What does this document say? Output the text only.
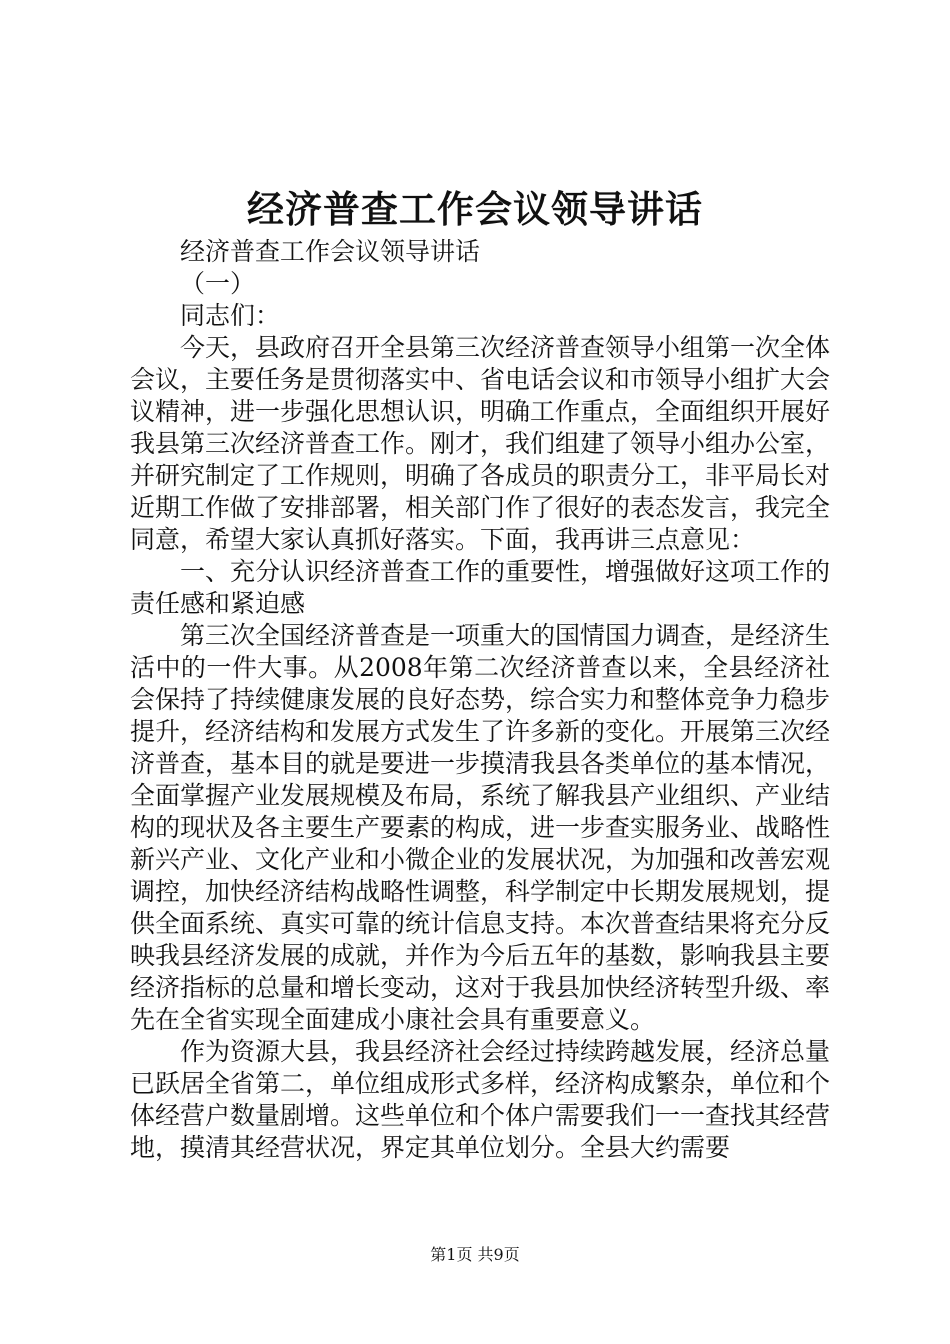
经济普查工作会议领导讲话

经济普查工作会议领导讲话

（一）

同志们：

今天，县政府召开全县第三次经济普查领导小组第一次全体会议，主要任务是贯彻落实中、省电话会议和市领导小组扩大会议精神，进一步强化思想认识，明确工作重点，全面组织开展好我县第三次经济普查工作。刚才，我们组建了领导小组办公室，并研究制定了工作规则，明确了各成员的职责分工，非平局长对近期工作做了安排部署，相关部门作了很好的表态发言，我完全同意，希望大家认真抓好落实。下面，我再讲三点意见：

一、充分认识经济普查工作的重要性，增强做好这项工作的责任感和紧迫感

第三次全国经济普查是一项重大的国情国力调查，是经济生活中的一件大事。从2008年第二次经济普查以来，全县经济社会保持了持续健康发展的良好态势，综合实力和整体竞争力稳步提升，经济结构和发展方式发生了许多新的变化。开展第三次经济普查，基本目的就是要进一步摸清我县各类单位的基本情况，全面掌握产业发展规模及布局，系统了解我县产业组织、产业结构的现状及各主要生产要素的构成，进一步查实服务业、战略性新兴产业、文化产业和小微企业的发展状况，为加强和改善宏观调控，加快经济结构战略性调整，科学制定中长期发展规划，提供全面系统、真实可靠的统计信息支持。本次普查结果将充分反映我县经济发展的成就，并作为今后五年的基数，影响我县主要经济指标的总量和增长变动，这对于我县加快经济转型升级、率先在全省实现全面建成小康社会具有重要意义。

作为资源大县，我县经济社会经过持续跨越发展，经济总量已跃居全省第二，单位组成形式多样，经济构成繁杂，单位和个体经营户数量剧增。这些单位和个体户需要我们一一查找其经营地，摸清其经营状况，界定其单位划分。全县大约需要

第1页 共9页
